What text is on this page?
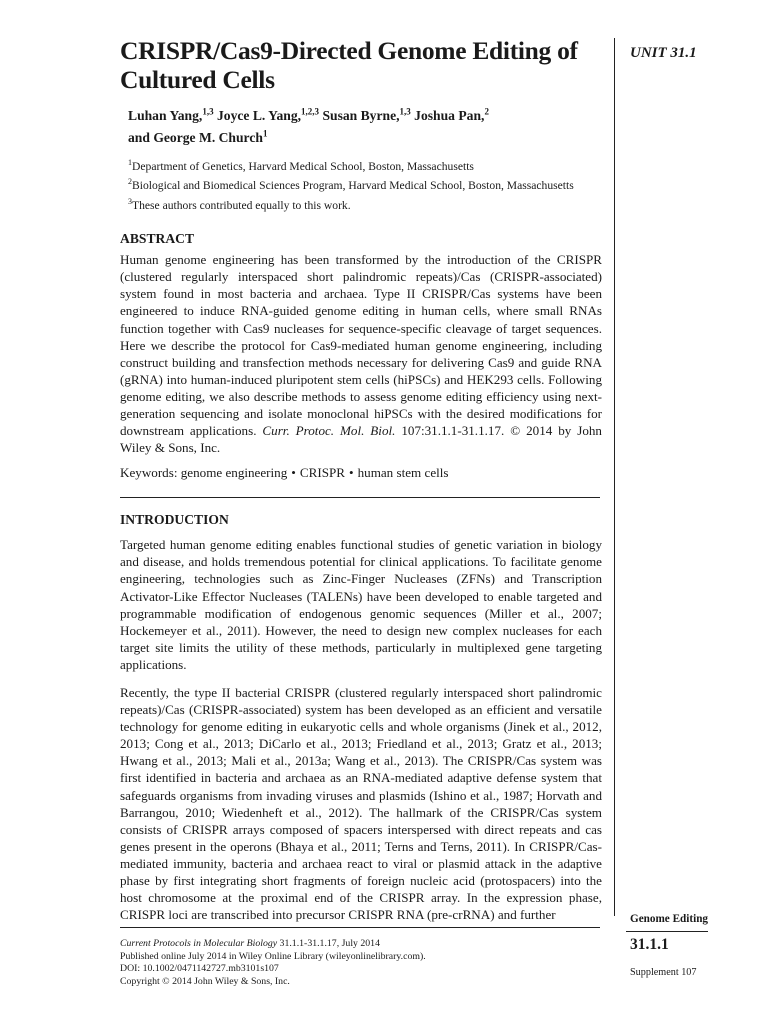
UNIT 31.1
CRISPR/Cas9-Directed Genome Editing of Cultured Cells
Luhan Yang,$^{1,3}$ Joyce L. Yang,$^{1,2,3}$ Susan Byrne,$^{1,3}$ Joshua Pan,$^2$
and George M. Church$^1$
$^1$Department of Genetics, Harvard Medical School, Boston, Massachusetts
$^2$Biological and Biomedical Sciences Program, Harvard Medical School, Boston, Massachusetts
$^3$These authors contributed equally to this work.
ABSTRACT

Human genome engineering has been transformed by the introduction of the CRISPR (clustered regularly interspaced short palindromic repeats)/Cas (CRISPR-associated) system found in most bacteria and archaea. Type II CRISPR/Cas systems have been engineered to induce RNA-guided genome editing in human cells, where small RNAs function together with Cas9 nucleases for sequence-specific cleavage of target sequences. Here we describe the protocol for Cas9-mediated human genome engineering, including construct building and transfection methods necessary for delivering Cas9 and guide RNA (gRNA) into human-induced pluripotent stem cells (hiPSCs) and HEK293 cells. Following genome editing, we also describe methods to assess genome editing efficiency using next-generation sequencing and isolate monoclonal hiPSCs with the desired modifications for downstream applications. Curr. Protoc. Mol. Biol. 107:31.1.1-31.1.17. © 2014 by John Wiley & Sons, Inc.

Keywords: genome engineering • CRISPR • human stem cells
INTRODUCTION

Targeted human genome editing enables functional studies of genetic variation in biology and disease, and holds tremendous potential for clinical applications. To facilitate genome engineering, technologies such as Zinc-Finger Nucleases (ZFNs) and Transcription Activator-Like Effector Nucleases (TALENs) have been developed to enable targeted and programmable modification of endogenous genomic sequences (Miller et al., 2007; Hockemeyer et al., 2011). However, the need to design new complex nucleases for each target site limits the utility of these methods, particularly in multiplexed gene targeting applications.

Recently, the type II bacterial CRISPR (clustered regularly interspaced short palindromic repeats)/Cas (CRISPR-associated) system has been developed as an efficient and versatile technology for genome editing in eukaryotic cells and whole organisms (Jinek et al., 2012, 2013; Cong et al., 2013; DiCarlo et al., 2013; Friedland et al., 2013; Gratz et al., 2013; Hwang et al., 2013; Mali et al., 2013a; Wang et al., 2013). The CRISPR/Cas system was first identified in bacteria and archaea as an RNA-mediated adaptive defense system that safeguards organisms from invading viruses and plasmids (Ishino et al., 1987; Horvath and Barrangou, 2010; Wiedenheft et al., 2012). The hallmark of the CRISPR/Cas system consists of CRISPR arrays composed of spacers interspersed with direct repeats and cas genes present in the operons (Bhaya et al., 2011; Terns and Terns, 2011). In CRISPR/Cas-mediated immunity, bacteria and archaea react to viral or plasmid attack in the adaptive phase by first integrating short fragments of foreign nucleic acid (protospacers) into the host chromosome at the proximal end of the CRISPR array. In the expression phase, CRISPR loci are transcribed into precursor CRISPR RNA (pre-crRNA) and further	Genome Editing
31.1.1
Supplement 107
Current Protocols in Molecular Biology 31.1.1-31.1.17, July 2014
Published online July 2014 in Wiley Online Library (wileyonlinelibrary.com).
DOI: 10.1002/0471142727.mb3101s107
Copyright © 2014 John Wiley & Sons, Inc.
